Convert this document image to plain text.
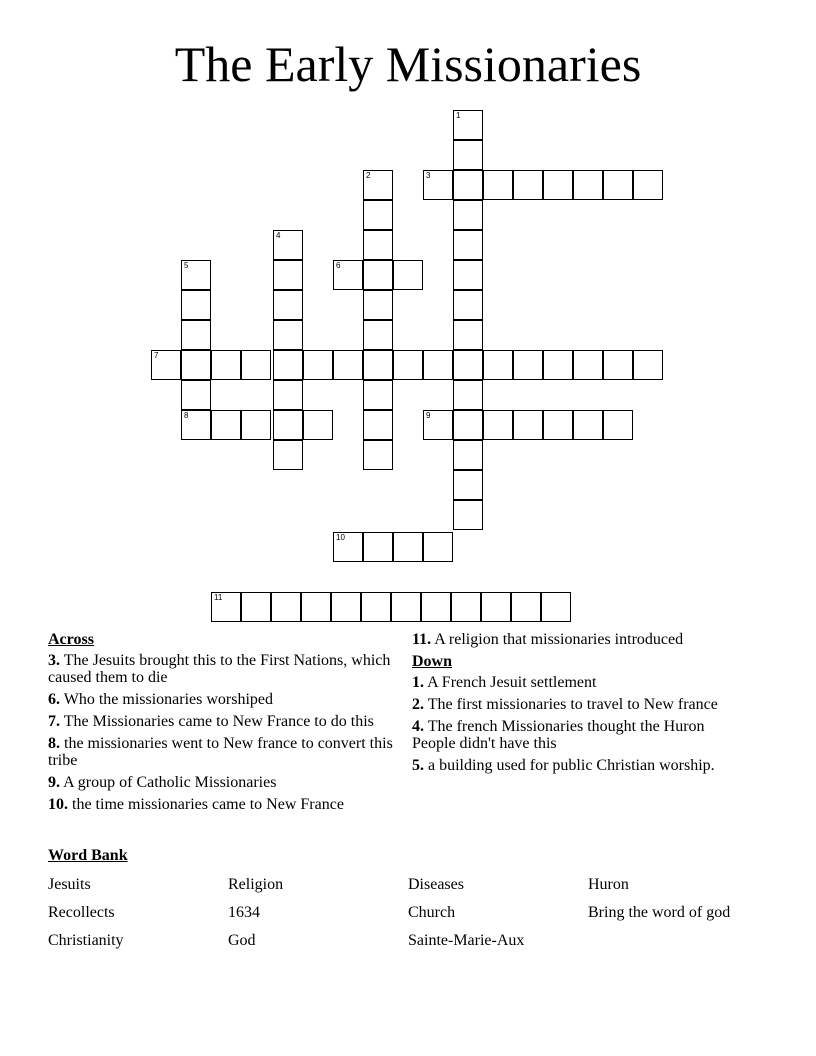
The Early Missionaries
1
3
2
4
5	6
7
9
10
11
8
Across
3. The Jesuits brought this to the First Nations, which caused them to die
6. Who the missionaries worshiped
7. The Missionaries came to New France to do this
8. the missionaries went to New france to convert this tribe
9. A group of Catholic Missionaries
10. the time missionaries came to New France
11. A religion that missionaries introduced
Down
1. A French Jesuit settlement
2. The first missionaries to travel to New france
4. The french Missionaries thought the Huron People didn't have this
5. a building used for public Christian worship.
Word Bank
Jesuits	Religion	Diseases	Huron
Recollects	1634	Church	Bring the word of god
Christianity	God	Sainte-Marie-Aux
